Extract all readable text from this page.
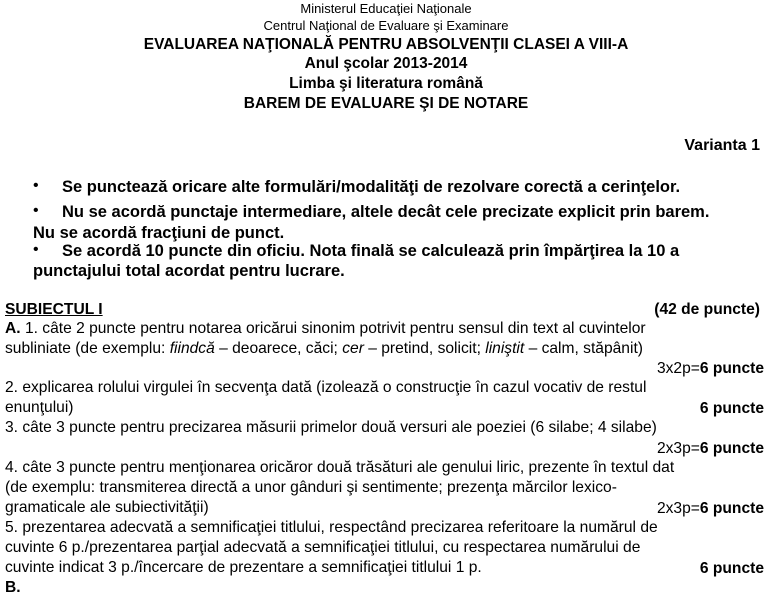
Ministerul Educaţiei Naţionale
Centrul Naţional de Evaluare şi Examinare
EVALUAREA NAŢIONALĂ PENTRU ABSOLVENŢII CLASEI A VIII-A
Anul şcolar 2013-2014
Limba şi literatura română
BAREM DE EVALUARE ŞI DE NOTARE
Varianta 1
• Se punctează oricare alte formulări/modalităţi de rezolvare corectă a cerinţelor.
• Nu se acordă punctaje intermediare, altele decât cele precizate explicit prin barem.
Nu se acordă fracţiuni de punct.
• Se acordă 10 puncte din oficiu. Nota finală se calculează prin împărţirea la 10 a
punctajului total acordat pentru lucrare.
SUBIECTUL I	(42 de puncte)
A. 1. câte 2 puncte pentru notarea oricărui sinonim potrivit pentru sensul din text al cuvintelor
subliniate (de exemplu: fiindcă – deoarece, căci; cer – pretind, solicit; liniştit – calm, stăpânit)
3x2p=6 puncte
2. explicarea rolului virgulei în secvenţa dată (izolează o construcţie în cazul vocativ de restul
enunţului)	6 puncte
3. câte 3 puncte pentru precizarea măsurii primelor două versuri ale poeziei (6 silabe; 4 silabe)
2x3p=6 puncte
4. câte 3 puncte pentru menţionarea oricăror două trăsături ale genului liric, prezente în textul dat
(de exemplu: transmiterea directă a unor gânduri şi sentimente; prezenţa mărcilor lexico-
gramaticale ale subiectivităţii)	2x3p=6 puncte
5. prezentarea adecvată a semnificaţiei titlului, respectând precizarea referitoare la numărul de
cuvinte 6 p./prezentarea parţial adecvată a semnificaţiei titlului, cu respectarea numărului de
cuvinte indicat 3 p./încercare de prezentare a semnificaţiei titlului 1 p.	6 puncte
B.
